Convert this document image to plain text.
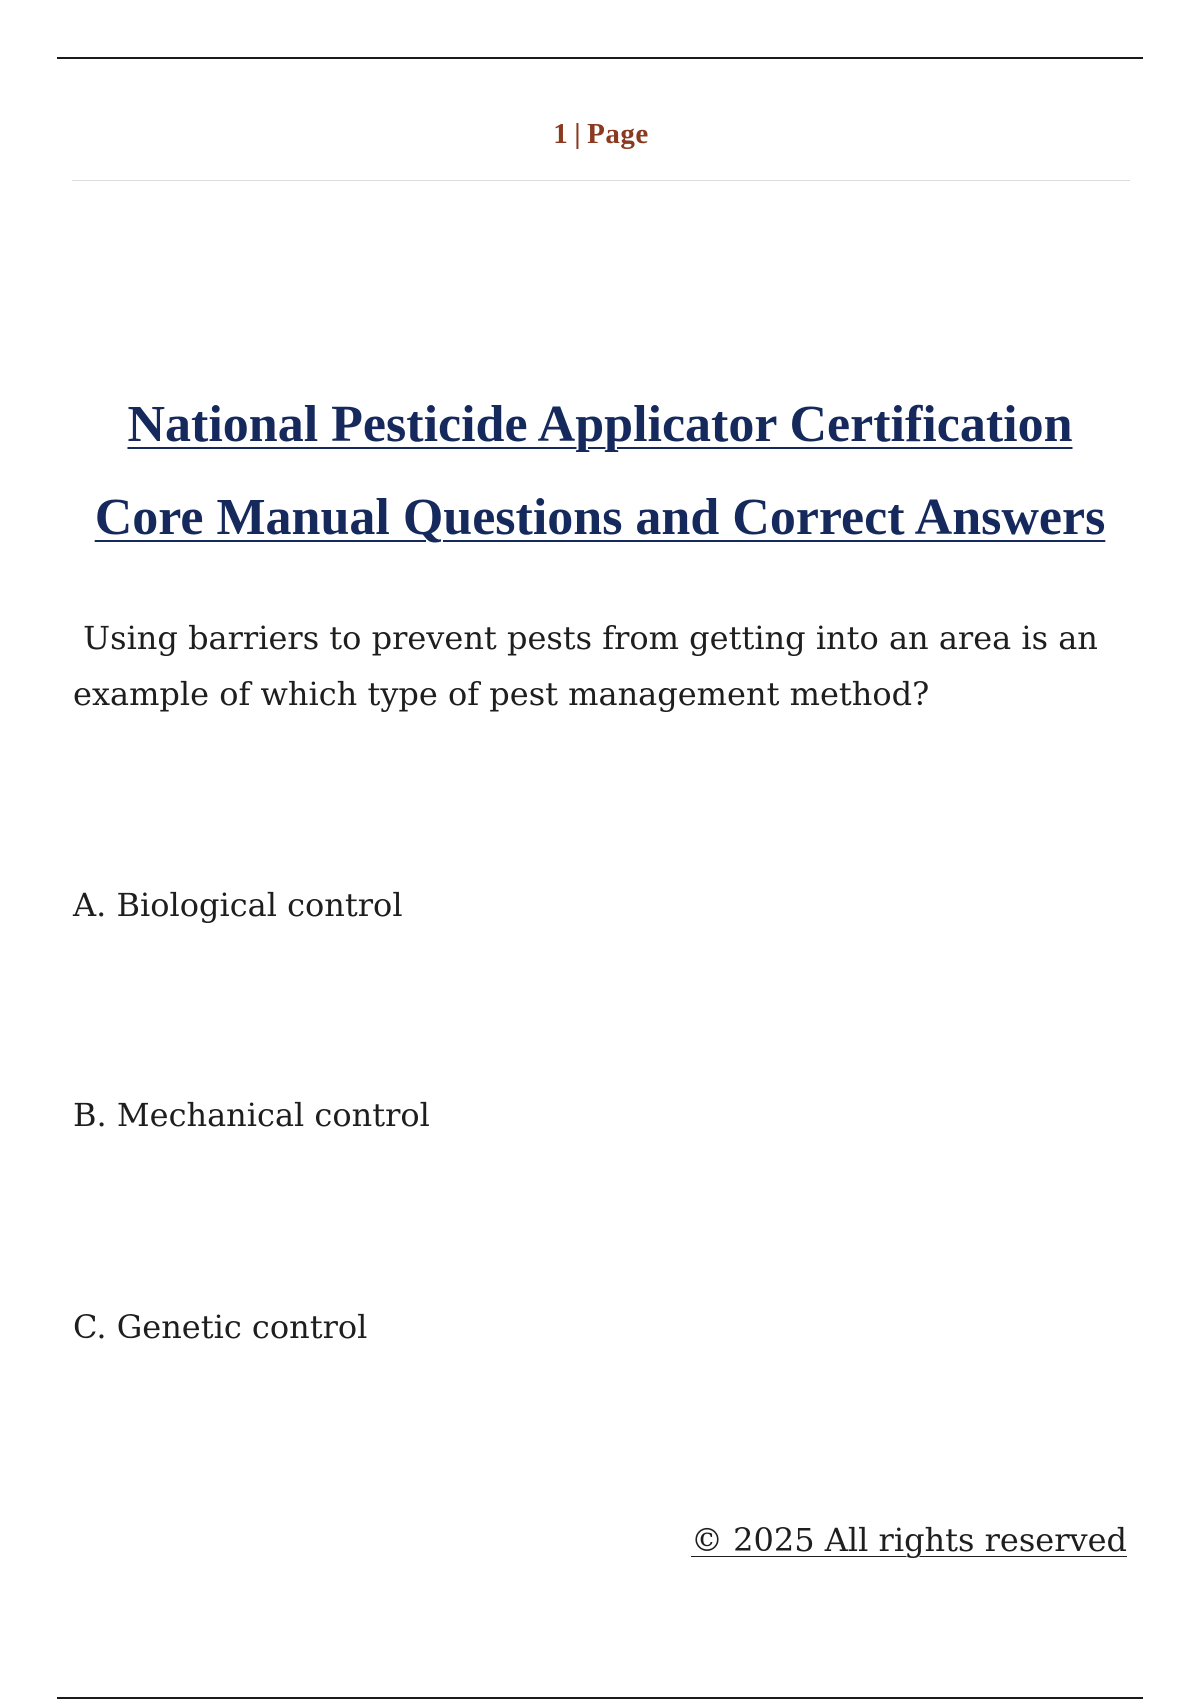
1 | Page
National Pesticide Applicator Certification
Core Manual Questions and Correct Answers
Using barriers to prevent pests from getting into an area is an example of which type of pest management method?
A. Biological control
B. Mechanical control
C. Genetic control
© 2025 All rights reserved
